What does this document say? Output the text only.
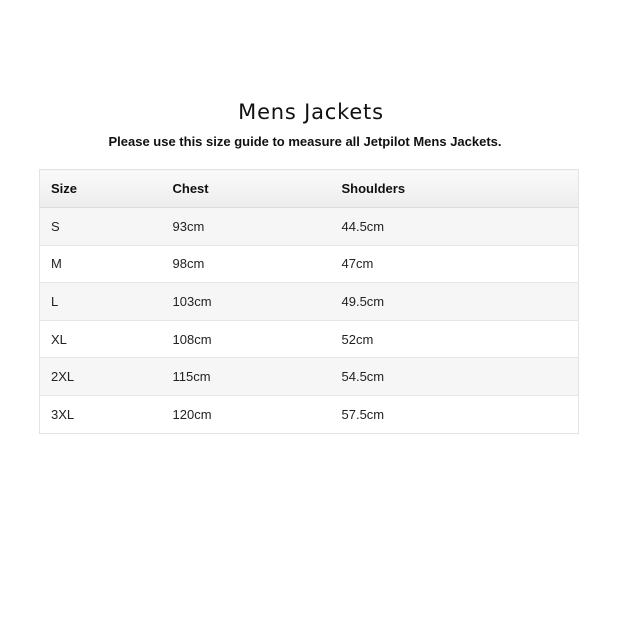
Mens Jackets

Please use this size guide to measure all Jetpilot Mens Jackets.

Size	Chest	Shoulders
S	93cm	44.5cm
M	98cm	47cm
L	103cm	49.5cm
XL	108cm	52cm
2XL	115cm	54.5cm
3XL	120cm	57.5cm
